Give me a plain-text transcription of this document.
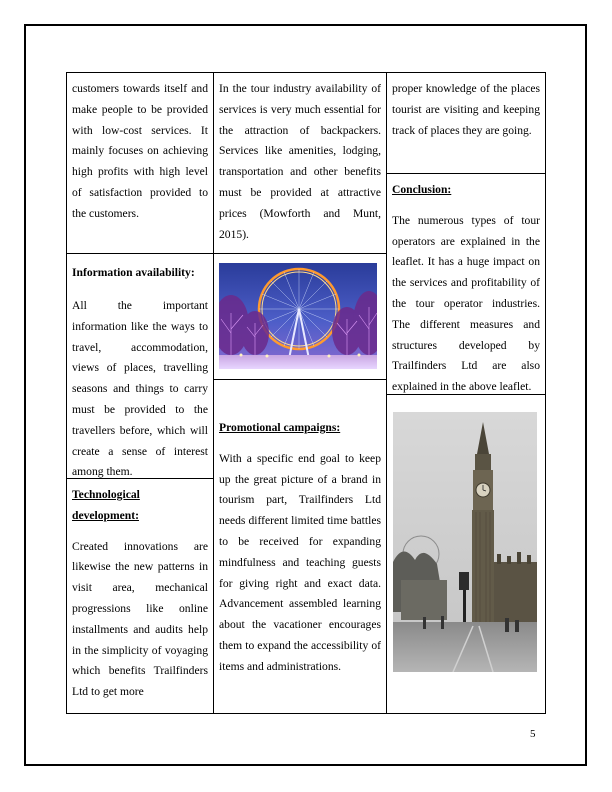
customers towards itself and make people to be provided with low-cost services. It mainly focuses on achieving high profits with high level of satisfaction provided to the customers.

Information availability:

All the important information like the ways to travel, accommodation, views of places, travelling seasons and things to carry must be provided to the travellers before, which will create a sense of interest among them.

Technological development:

Created innovations are likewise the new patterns in visit area, mechanical progressions like online installments and audits help in the simplicity of voyaging which benefits Trailfinders Ltd to get more

In the tour industry availability of services is very much essential for the attraction of backpackers. Services like amenities, lodging, transportation and other benefits must be provided at attractive prices (Mowforth and Munt, 2015).

Promotional campaigns:

With a specific end goal to keep up the great picture of a brand in tourism part, Trailfinders Ltd needs different limited time battles to be received for expanding mindfulness and teaching guests for giving right and exact data. Advancement assembled learning about the vacationer encourages them to expand the accessibility of items and administrations.

proper knowledge of the places tourist are visiting and keeping track of places they are going.

Conclusion:

The numerous types of tour operators are explained in the leaflet. It has a huge impact on the services and profitability of the tour operator industries. The different measures and structures developed by Trailfinders Ltd are also explained in the above leaflet.

5
